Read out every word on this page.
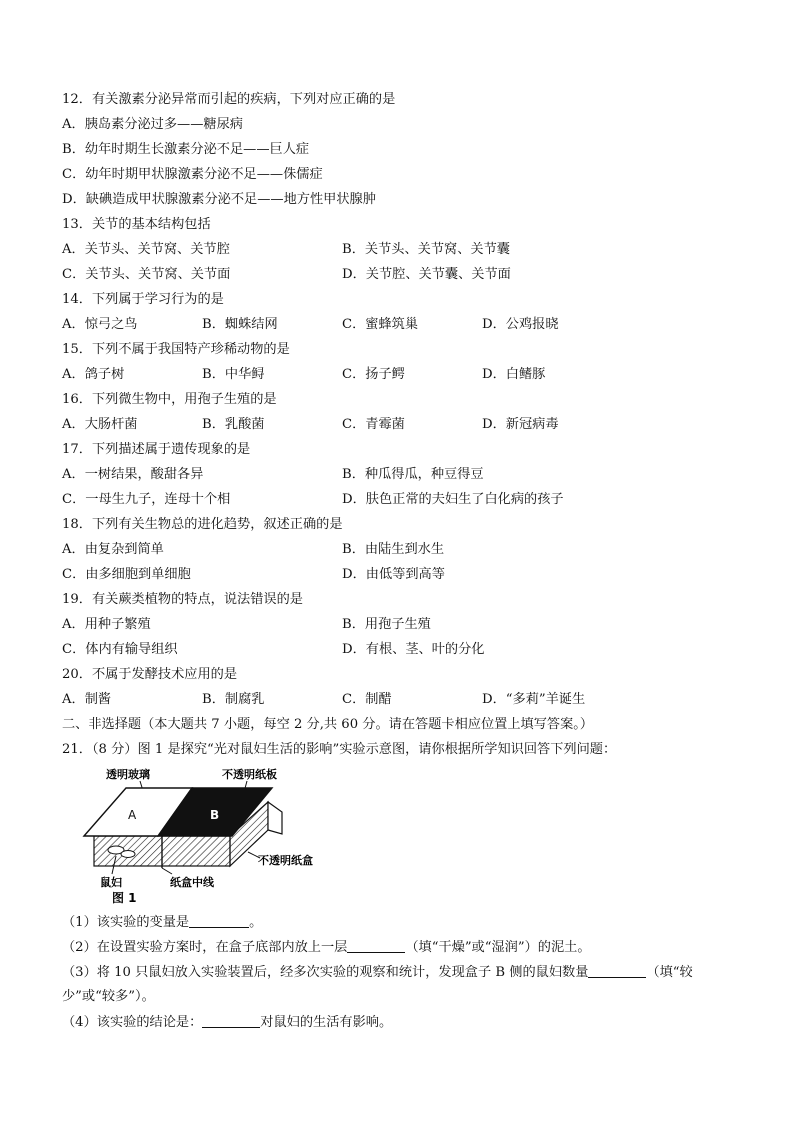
12．有关激素分泌异常而引起的疾病，下列对应正确的是
A．胰岛素分泌过多——糖尿病
B．幼年时期生长激素分泌不足——巨人症
C．幼年时期甲状腺激素分泌不足——侏儒症
D．缺碘造成甲状腺激素分泌不足——地方性甲状腺肿
13．关节的基本结构包括
A．关节头、关节窝、关节腔	B．关节头、关节窝、关节囊
C．关节头、关节窝、关节面	D．关节腔、关节囊、关节面
14．下列属于学习行为的是
A．惊弓之鸟	B．蜘蛛结网	C．蜜蜂筑巢	D．公鸡报晓
15．下列不属于我国特产珍稀动物的是
A．鸽子树	B．中华鲟	C．扬子鳄	D．白鳍豚
16．下列微生物中，用孢子生殖的是
A．大肠杆菌	B．乳酸菌	C．青霉菌	D．新冠病毒
17．下列描述属于遗传现象的是
A．一树结果，酸甜各异	B．种瓜得瓜，种豆得豆
C．一母生九子，连母十个相	D．肤色正常的夫妇生了白化病的孩子
18．下列有关生物总的进化趋势，叙述正确的是
A．由复杂到简单	B．由陆生到水生
C．由多细胞到单细胞	D．由低等到高等
19．有关蕨类植物的特点，说法错误的是
A．用种子繁殖	B．用孢子生殖
C．体内有输导组织	D．有根、茎、叶的分化
20．不属于发酵技术应用的是
A．制酱	B．制腐乳	C．制醋	D．“多莉”羊诞生
二、非选择题（本大题共 7 小题，每空 2 分,共 60 分。请在答题卡相应位置上填写答案。）
21．（8 分）图 1 是探究“光对鼠妇生活的影响”实验示意图，请你根据所学知识回答下列问题：
透明玻璃	不透明纸板
A	B
鼠妇	纸盒中线
不透明纸盒
图 1
（1）该实验的变量是	。
（2）在设置实验方案时，在盒子底部内放上一层	（填“干燥”或“湿润”）的泥土。
（3）将 10 只鼠妇放入实验装置后，经多次实验的观察和统计，发现盒子 B 侧的鼠妇数量	（填“较
少”或“较多”）。
（4）该实验的结论是：	对鼠妇的生活有影响。
